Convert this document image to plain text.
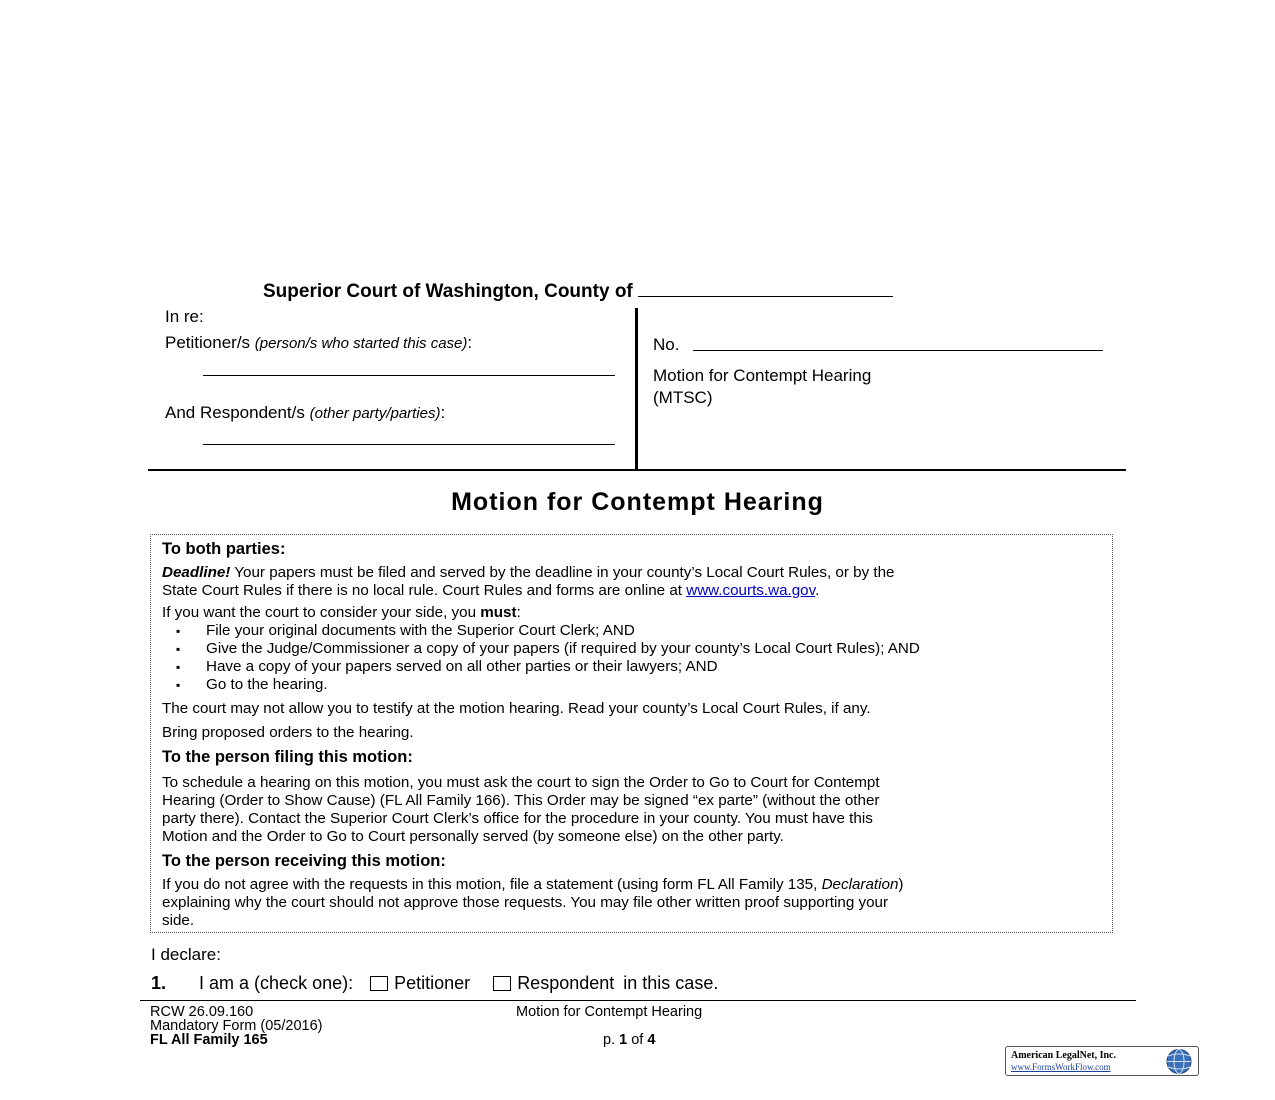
Superior Court of Washington, County of
In re:
Petitioner/s (person/s who started this case):
And Respondent/s (other party/parties):
No.
Motion for Contempt Hearing
(MTSC)
Motion for Contempt Hearing
To both parties:

Deadline! Your papers must be filed and served by the deadline in your county’s Local Court Rules, or by the
State Court Rules if there is no local rule. Court Rules and forms are online at www.courts.wa.gov.

If you want the court to consider your side, you must:

▪ File your original documents with the Superior Court Clerk; AND
▪ Give the Judge/Commissioner a copy of your papers (if required by your county’s Local Court Rules); AND
▪ Have a copy of your papers served on all other parties or their lawyers; AND
▪ Go to the hearing.

The court may not allow you to testify at the motion hearing. Read your county’s Local Court Rules, if any.

Bring proposed orders to the hearing.

To the person filing this motion:

To schedule a hearing on this motion, you must ask the court to sign the Order to Go to Court for Contempt
Hearing (Order to Show Cause) (FL All Family 166). This Order may be signed “ex parte” (without the other
party there). Contact the Superior Court Clerk’s office for the procedure in your county. You must have this
Motion and the Order to Go to Court personally served (by someone else) on the other party.

To the person receiving this motion:

If you do not agree with the requests in this motion, file a statement (using form FL All Family 135, Declaration)
explaining why the court should not approve those requests. You may file other written proof supporting your
side.

I declare:
1. I am a (check one): Petitioner	Respondent in this case.
RCW 26.09.160
Mandatory Form (05/2016)
FL All Family 165
Motion for Contempt Hearing
p. 1 of 4
American LegalNet, Inc.
www.FormsWorkFlow.com
